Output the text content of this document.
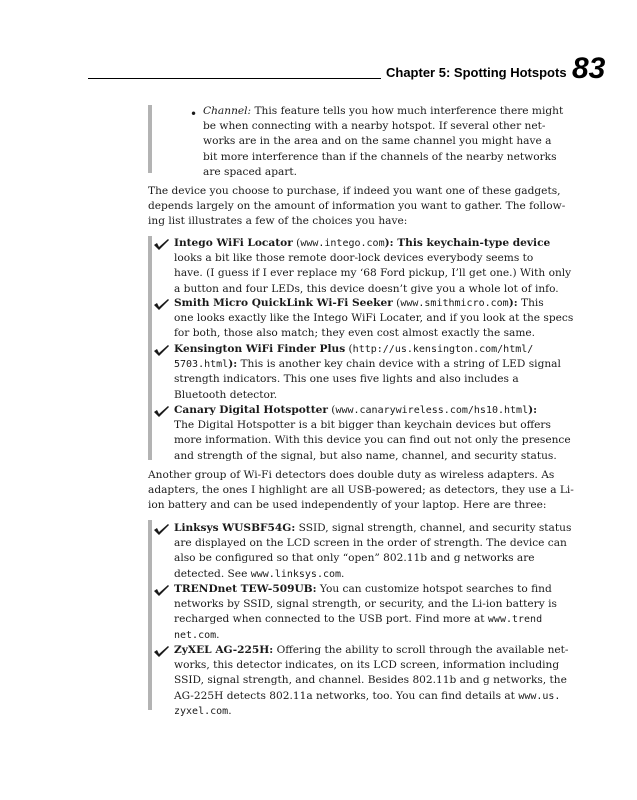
Chapter 5: Spotting Hotspots 83
• Channel: This feature tells you how much interference there might
be when connecting with a nearby hotspot. If several other net-
works are in the area and on the same channel you might have a
bit more interference than if the channels of the nearby networks
are spaced apart.
The device you choose to purchase, if indeed you want one of these gadgets,
depends largely on the amount of information you want to gather. The follow-
ing list illustrates a few of the choices you have:
Intego WiFi Locator (www.intego.com): This keychain-type device
looks a bit like those remote door-lock devices everybody seems to
have. (I guess if I ever replace my ‘68 Ford pickup, I’ll get one.) With only
a button and four LEDs, this device doesn’t give you a whole lot of info.
Smith Micro QuickLink Wi-Fi Seeker (www.smithmicro.com): This
one looks exactly like the Intego WiFi Locater, and if you look at the specs
for both, those also match; they even cost almost exactly the same.
Kensington WiFi Finder Plus (http://us.kensington.com/html/
5703.html): This is another key chain device with a string of LED signal
strength indicators. This one uses five lights and also includes a
Bluetooth detector.
Canary Digital Hotspotter (www.canarywireless.com/hs10.html):
The Digital Hotspotter is a bit bigger than keychain devices but offers
more information. With this device you can find out not only the presence
and strength of the signal, but also name, channel, and security status.
Another group of Wi-Fi detectors does double duty as wireless adapters. As
adapters, the ones I highlight are all USB-powered; as detectors, they use a Li-
ion battery and can be used independently of your laptop. Here are three:
Linksys WUSBF54G: SSID, signal strength, channel, and security status
are displayed on the LCD screen in the order of strength. The device can
also be configured so that only “open” 802.11b and g networks are
detected. See www.linksys.com.
TRENDnet TEW-509UB: You can customize hotspot searches to find
networks by SSID, signal strength, or security, and the Li-ion battery is
recharged when connected to the USB port. Find more at www.trend
net.com.
ZyXEL AG-225H: Offering the ability to scroll through the available net-
works, this detector indicates, on its LCD screen, information including
SSID, signal strength, and channel. Besides 802.11b and g networks, the
AG-225H detects 802.11a networks, too. You can find details at www.us.
zyxel.com.
